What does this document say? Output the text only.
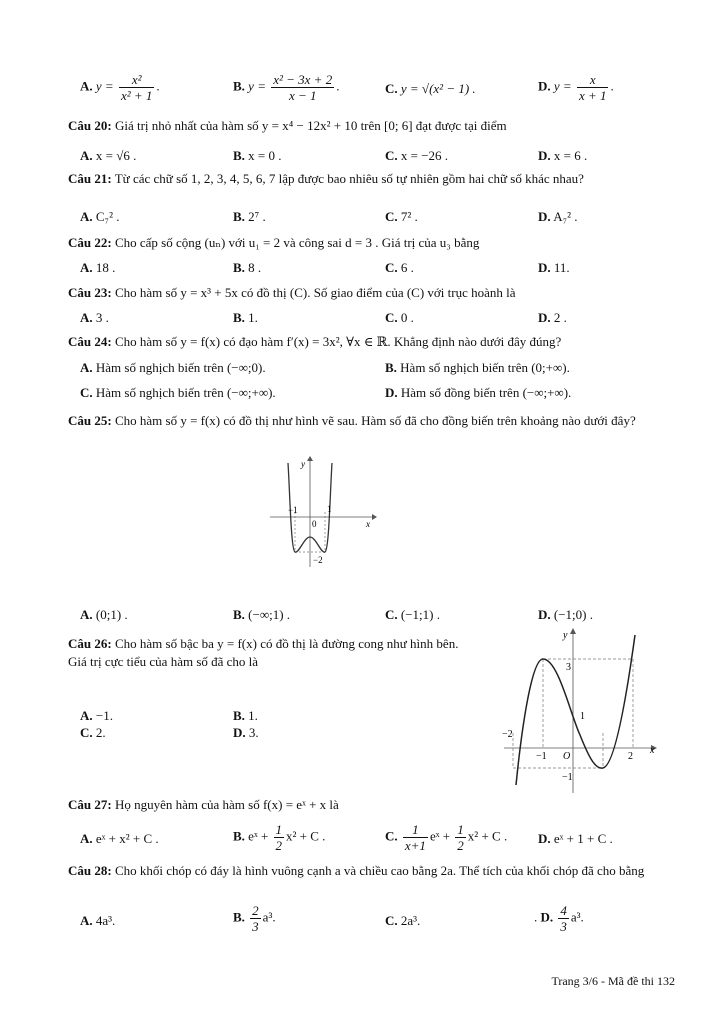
A. $y = \frac{\text{x²}}{\text{x² + 1}}$ .	B. $y = \frac{\text{x² − 3x + 2}}{x - 1}$ .	C. y = √(x² − 1) .	D. $y = \frac{x}{x + 1}$ .
Câu 20: Giá trị nhỏ nhất của hàm số y = x⁴ − 12x² + 10 trên [0; 6] đạt được tại điểm
A. x = √6 .	B. x = 0 .	C. x = −26 .	D. x = 6 .
Câu 21: Từ các chữ số 1, 2, 3, 4, 5, 6, 7 lập được bao nhiêu số tự nhiên gồm hai chữ số khác nhau?
A. C₇² .	B. 2⁷ .	C. 7² .	D. A₇² .
Câu 22: Cho cấp số cộng (uₙ) với u₁ = 2 và công sai d = 3 . Giá trị của u₃ bằng
A. 18 .	B. 8 .	C. 6 .	D. 11.
Câu 23: Cho hàm số y = x³ + 5x có đồ thị (C). Số giao điểm của (C) với trục hoành là
A. 3 .	B. 1.	C. 0 .	D. 2 .
Câu 24: Cho hàm số y = f(x) có đạo hàm f′(x) = 3x², ∀x ∈ ℝ. Khẳng định nào dưới đây đúng?
A. Hàm số nghịch biến trên (−∞;0).	B. Hàm số nghịch biến trên (0;+∞).
C. Hàm số nghịch biến trên (−∞;+∞).	D. Hàm số đồng biến trên (−∞;+∞).
Câu 25: Cho hàm số y = f(x) có đồ thị như hình vẽ sau. Hàm số đã cho đồng biến trên khoảng nào dưới đây?
y
x
0
−1	1
−2
A. (0;1) .	B. (−∞;1) .	C. (−1;1) .	D. (−1;0) .
Câu 26: Cho hàm số bậc ba y = f(x) có đồ thị là đường cong như hình bên.
Giá trị cực tiểu của hàm số đã cho là
A. −1.	B. 1.
C. 2.	D. 3.
y
x
O
3
1
−2
−1	2
−1
Câu 27: Họ nguyên hàm của hàm số f(x) = eˣ + x là
A. eˣ + x² + C .	B. eˣ + $\frac{1}{2} x^2 + C$ .	C. $\frac{1}{x+1}$ eˣ + $\frac{1}{2} x^2 + C$ . D. eˣ + 1 + C .
Câu 28: Cho khối chóp có đáy là hình vuông cạnh a và chiều cao bằng 2a. Thể tích của khối chóp đã cho bằng
A. 4a³.	B. $\frac{2}{3} a^3$.	C. 2a³.	. D. $\frac{4}{3} a^3$.
Trang 3/6 - Mã đề thi 132
